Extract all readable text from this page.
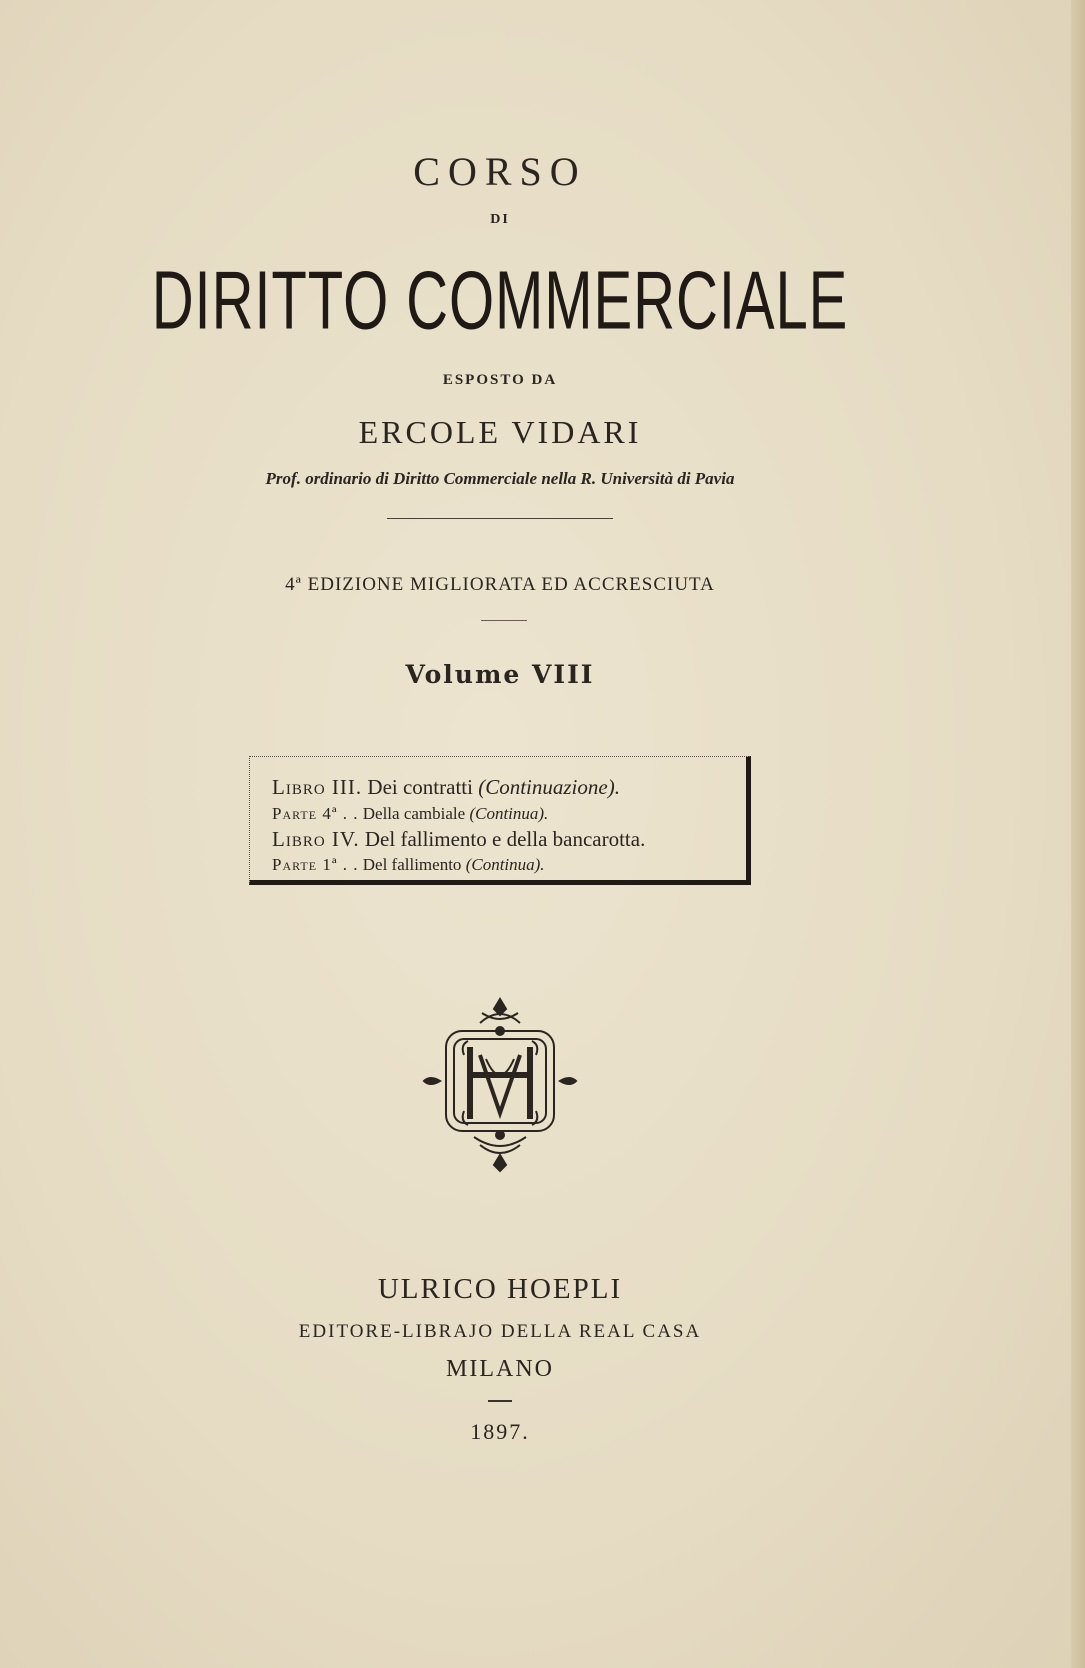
CORSO
DI
DIRITTO COMMERCIALE
ESPOSTO DA
ERCOLE VIDARI
Prof. ordinario di Diritto Commerciale nella R. Università di Pavia
4ª EDIZIONE MIGLIORATA ED ACCRESCIUTA
Volume VIII
Libro III. Dei contratti (Continuazione).
Parte 4ª . . Della cambiale (Continua).
Libro IV. Del fallimento e della bancarotta.
Parte 1ª . . Del fallimento (Continua).
ULRICO HOEPLI
EDITORE-LIBRAJO DELLA REAL CASA
MILANO
1897.
